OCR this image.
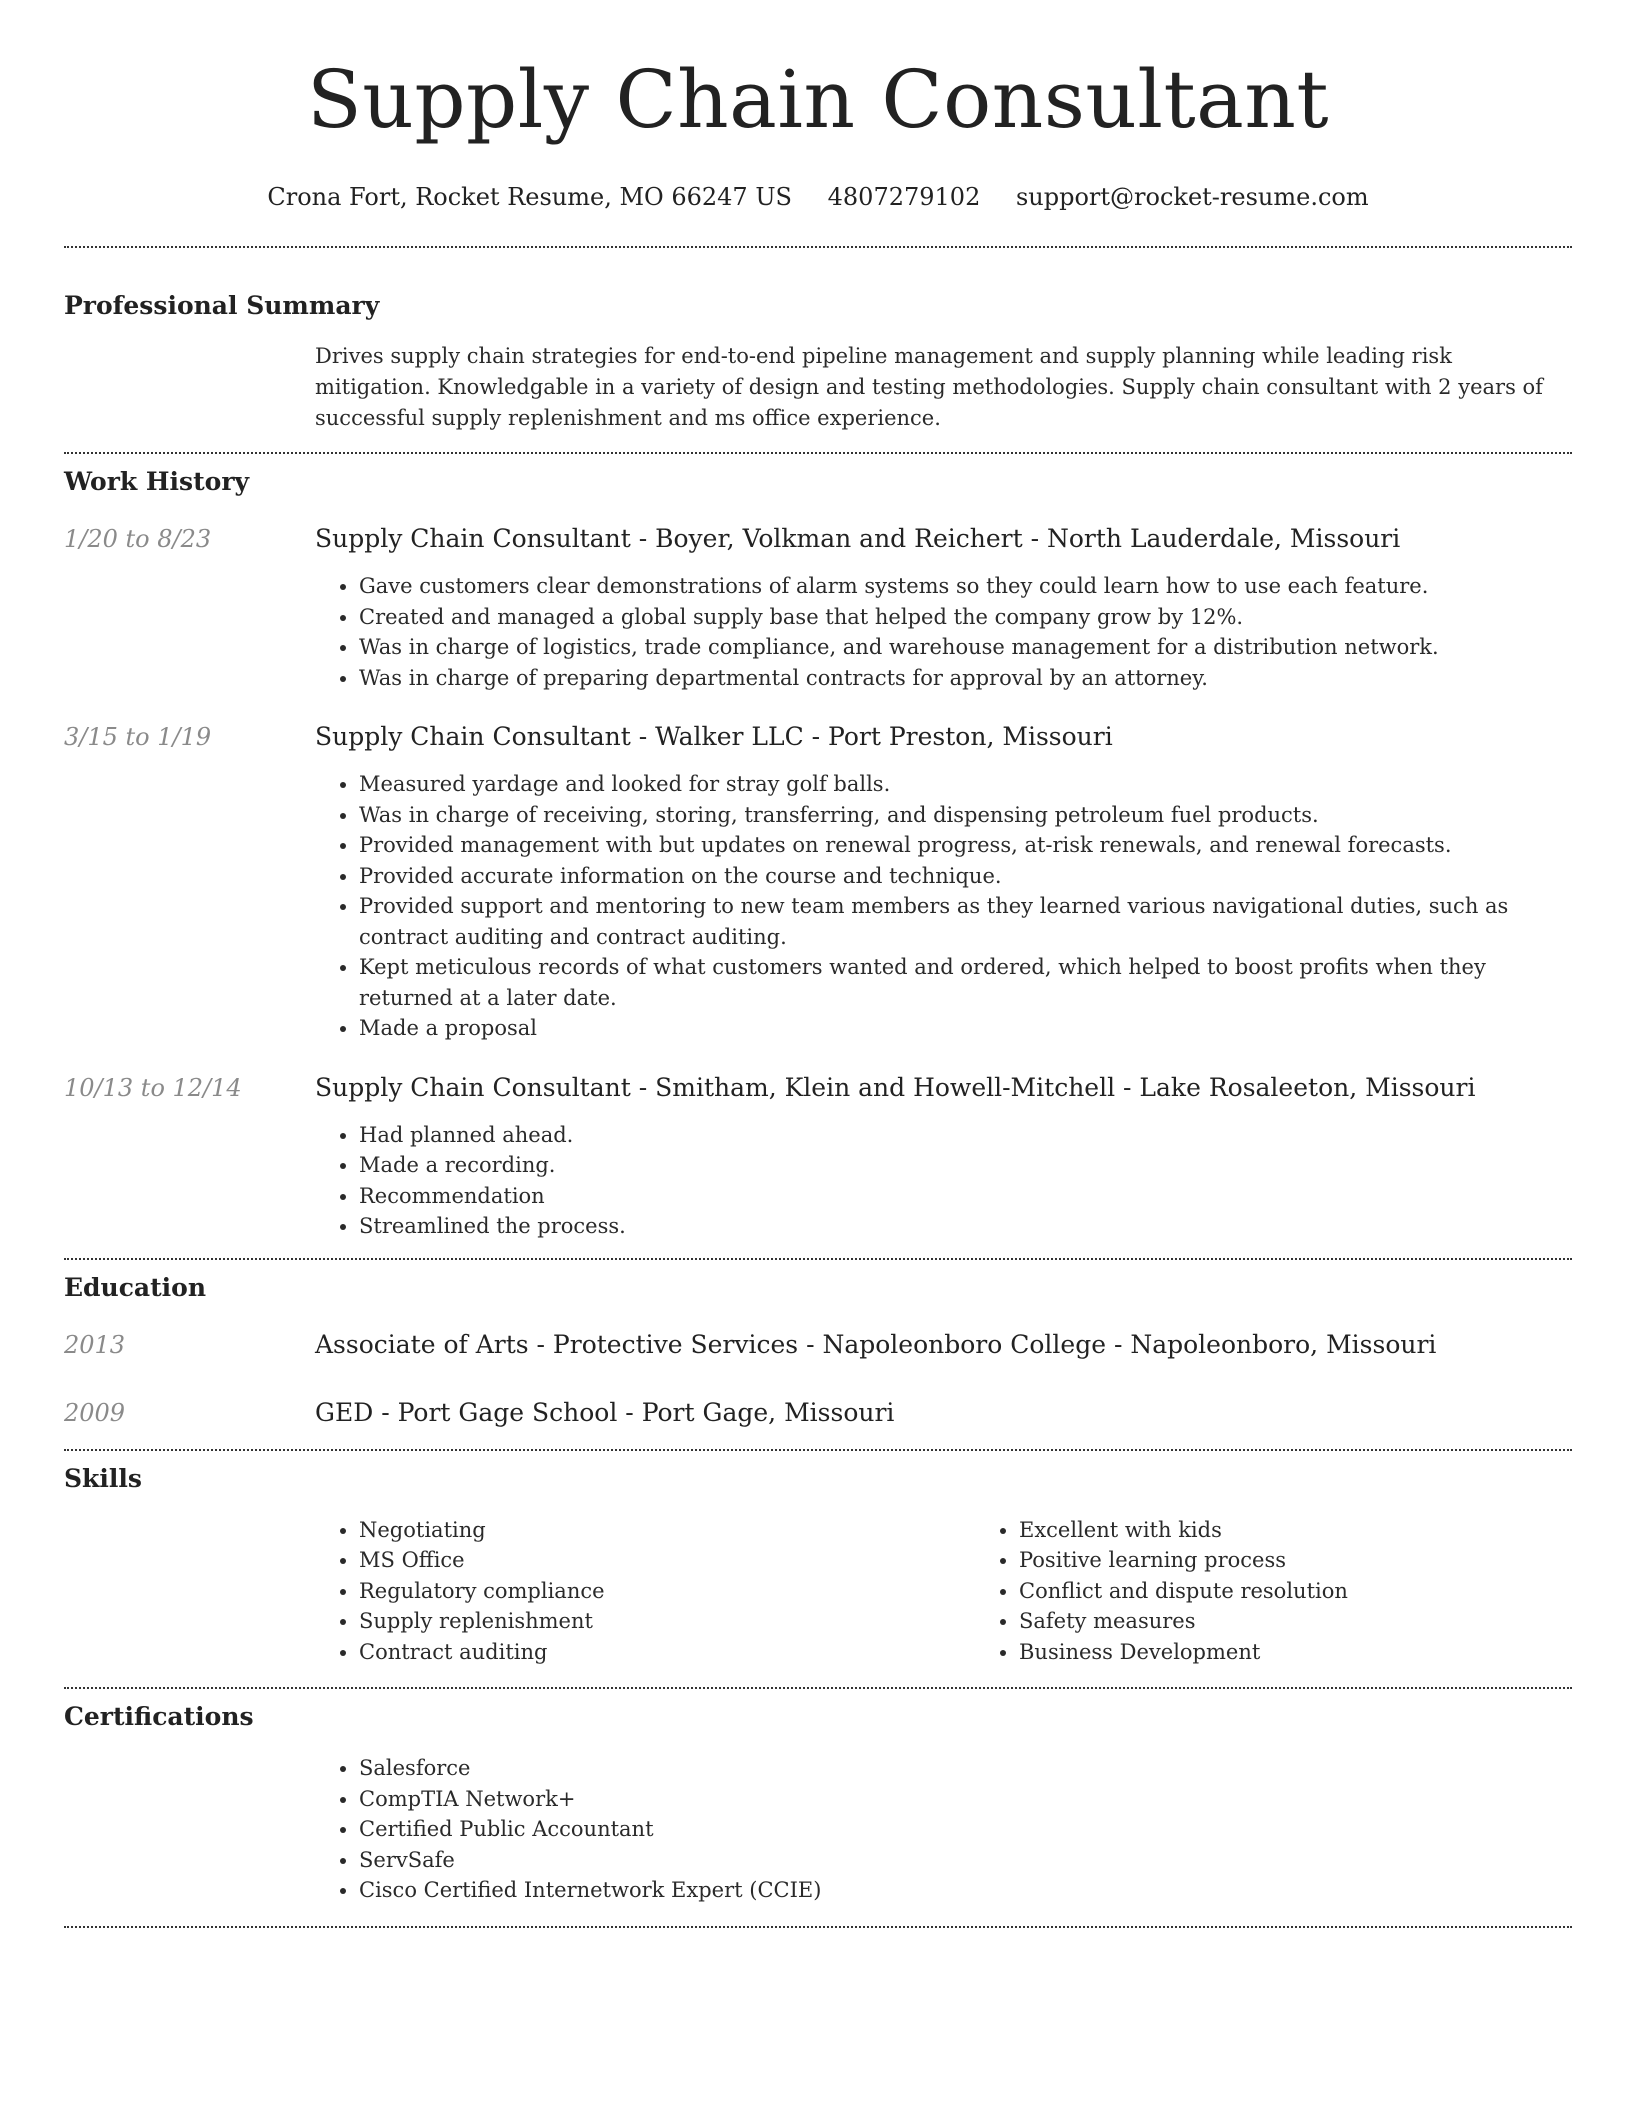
Supply Chain Consultant
Crona Fort, Rocket Resume, MO 66247 US 4807279102 support@rocket-resume.com
Professional Summary

Drives supply chain strategies for end-to-end pipeline management and supply planning while leading risk mitigation. Knowledgable in a variety of design and testing methodologies. Supply chain consultant with 2 years of successful supply replenishment and ms office experience.

Work History
1/20 to 8/23	Supply Chain Consultant - Boyer, Volkman and Reichert - North Lauderdale, Missouri
• Gave customers clear demonstrations of alarm systems so they could learn how to use each feature.
• Created and managed a global supply base that helped the company grow by 12%.
• Was in charge of logistics, trade compliance, and warehouse management for a distribution network.
• Was in charge of preparing departmental contracts for approval by an attorney.
3/15 to 1/19	Supply Chain Consultant - Walker LLC - Port Preston, Missouri
• Measured yardage and looked for stray golf balls.
• Was in charge of receiving, storing, transferring, and dispensing petroleum fuel products.
• Provided management with but updates on renewal progress, at-risk renewals, and renewal forecasts.
• Provided accurate information on the course and technique.
• Provided support and mentoring to new team members as they learned various navigational duties, such as contract auditing and contract auditing.
• Kept meticulous records of what customers wanted and ordered, which helped to boost profits when they returned at a later date.
• Made a proposal
10/13 to 12/14	Supply Chain Consultant - Smitham, Klein and Howell-Mitchell - Lake Rosaleeton, Missouri
• Had planned ahead.
• Made a recording.
• Recommendation
• Streamlined the process.
Education
2013	Associate of Arts - Protective Services - Napoleonboro College - Napoleonboro, Missouri
2009	GED - Port Gage School - Port Gage, Missouri
Skills
• Negotiating
• MS Office
• Regulatory compliance
• Supply replenishment
• Contract auditing
• Excellent with kids
• Positive learning process
• Conflict and dispute resolution
• Safety measures
• Business Development
Certifications
• Salesforce
• CompTIA Network+
• Certified Public Accountant
• ServSafe
• Cisco Certified Internetwork Expert (CCIE)
